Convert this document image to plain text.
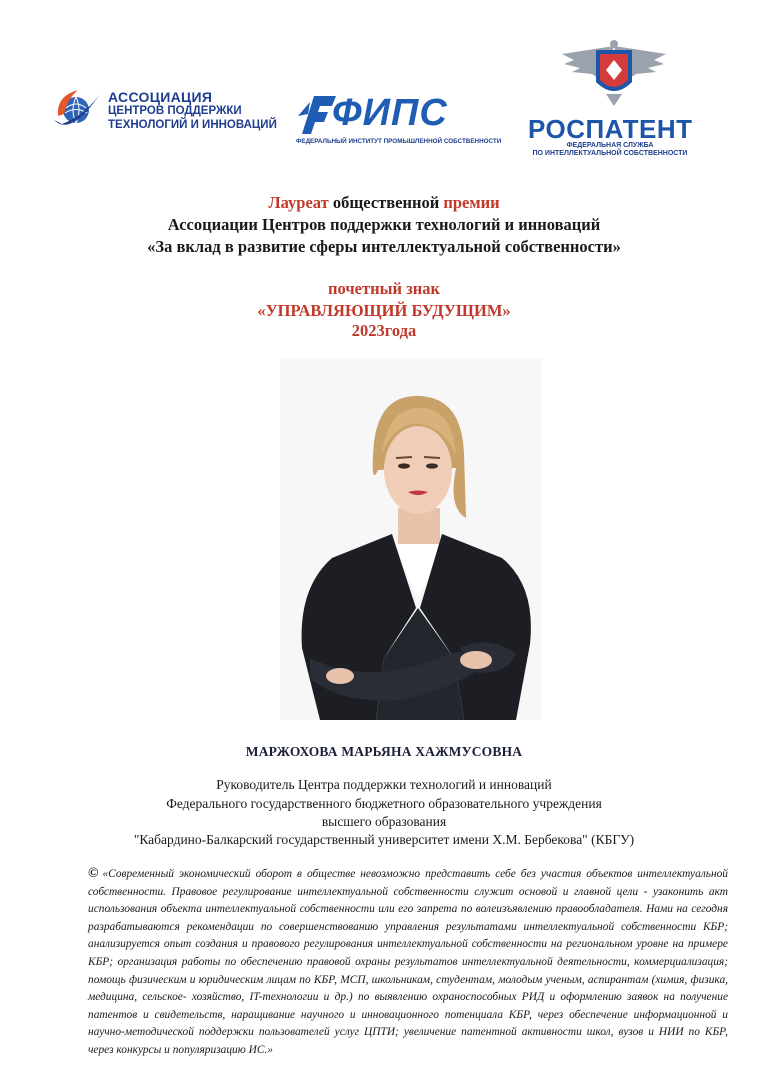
АССОЦИАЦИЯ
ЦЕНТРОВ ПОДДЕРЖКИ
ТЕХНОЛОГИЙ И ИННОВАЦИЙ ФИПС
ФЕДЕРАЛЬНЫЙ ИНСТИТУТ ПРОМЫШЛЕННОЙ СОБСТВЕННОСТИ РОСПАТЕНТ
ФЕДЕРАЛЬНАЯ СЛУЖБА
ПО ИНТЕЛЛЕКТУАЛЬНОЙ СОБСТВЕННОСТИ
Лауреат общественной премии
Ассоциации Центров поддержки технологий и инноваций
«За вклад в развитие сферы интеллектуальной собственности»
почетный знак
«УПРАВЛЯЮЩИЙ БУДУЩИМ»
2023года
МАРЖОХОВА МАРЬЯНА ХАЖМУСОВНА
Руководитель Центра поддержки технологий и инноваций
Федерального государственного бюджетного образовательного учреждения
высшего образования
"Кабардино-Балкарский государственный университет имени Х.М. Бербекова" (КБГУ)
© «Современный экономический оборот в обществе невозможно представить себе без участия объектов интеллектуальной собственности. Правовое регулирование интеллектуальной собственности служит основой и главной цели - узаконить акт использования объекта интеллектуальной собственности или его запрета по волеизъявлению правообладателя. Нами на сегодня разрабатываются рекомендации по совершенствованию управления результатами интеллектуальной собственности КБР; анализируется опыт создания и правового регулирования интеллектуальной собственности на региональном уровне на примере КБР; организация работы по обеспечению правовой охраны результатов интеллектуальной деятельности, коммерциализация; помощь физическим и юридическим лицам по КБР, МСП, школьникам, студентам, молодым ученым, аспирантам (химия, физика, медицина, сельское- хозяйство, IT-технологии и др.) по выявлению охраноспособных РИД и оформлению заявок на получение патентов и свидетельств, наращивание научного и инновационного потенциала КБР, через обеспечение информационной и научно-методической поддержки пользователей услуг ЦПТИ; увеличение патентной активности школ, вузов и НИИ по КБР, через конкурсы и популяризацию ИС.»
